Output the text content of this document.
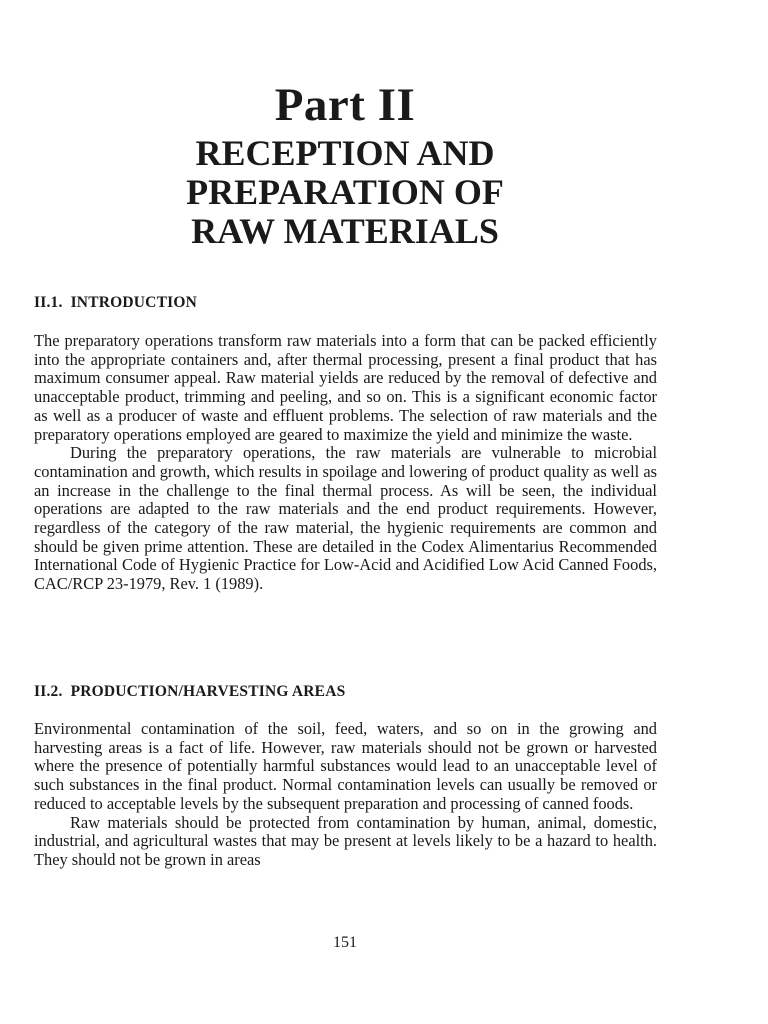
Part II
RECEPTION AND
PREPARATION OF
RAW MATERIALS
II.1. INTRODUCTION

The preparatory operations transform raw materials into a form that can be packed efficiently into the appropriate containers and, after thermal processing, present a final product that has maximum consumer appeal. Raw material yields are reduced by the removal of defective and unacceptable product, trimming and peeling, and so on. This is a significant economic factor as well as a producer of waste and effluent problems. The selection of raw materials and the preparatory operations employed are geared to maximize the yield and minimize the waste.

During the preparatory operations, the raw materials are vulnerable to microbial contamination and growth, which results in spoilage and lowering of product quality as well as an increase in the challenge to the final thermal process. As will be seen, the individual operations are adapted to the raw materials and the end product requirements. However, regardless of the category of the raw material, the hygienic requirements are common and should be given prime attention. These are detailed in the Codex Alimentarius Recommended International Code of Hygienic Practice for Low-Acid and Acidified Low Acid Canned Foods, CAC/RCP 23-1979, Rev. 1 (1989).

II.2. PRODUCTION/HARVESTING AREAS

Environmental contamination of the soil, feed, waters, and so on in the growing and harvesting areas is a fact of life. However, raw materials should not be grown or harvested where the presence of potentially harmful substances would lead to an unacceptable level of such substances in the final product. Normal contamination levels can usually be removed or reduced to acceptable levels by the subsequent preparation and processing of canned foods.

Raw materials should be protected from contamination by human, animal, domestic, industrial, and agricultural wastes that may be present at levels likely to be a hazard to health. They should not be grown in areas

151
